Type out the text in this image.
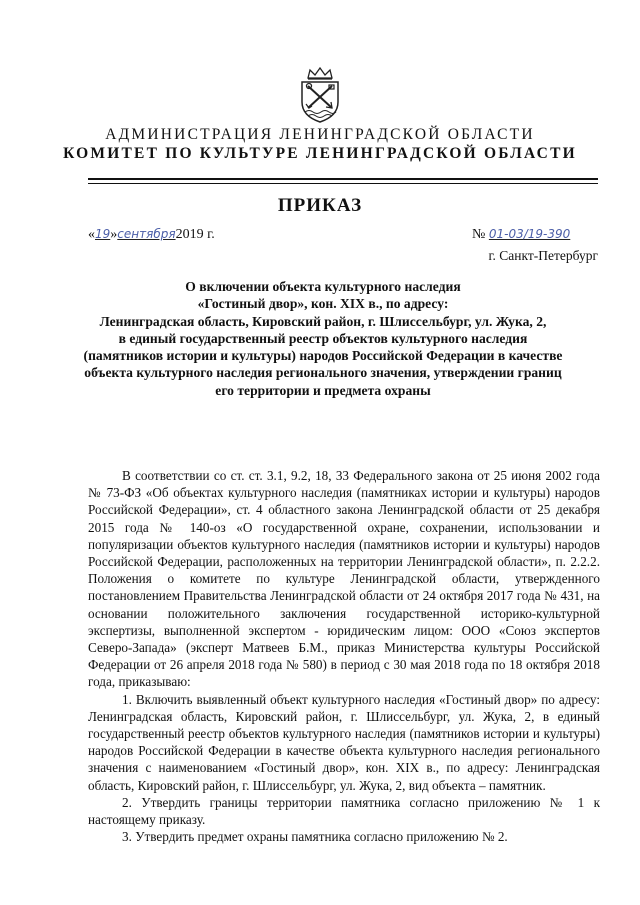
АДМИНИСТРАЦИЯ ЛЕНИНГРАДСКОЙ ОБЛАСТИ
КОМИТЕТ ПО КУЛЬТУРЕ ЛЕНИНГРАДСКОЙ ОБЛАСТИ
ПРИКАЗ
«19»сентября2019 г.	№ 01-03/19-390
г. Санкт-Петербург
О включении объекта культурного наследия
«Гостиный двор», кон. XIX в., по адресу:
Ленинградская область, Кировский район, г. Шлиссельбург, ул. Жука, 2,
в единый государственный реестр объектов культурного наследия
(памятников истории и культуры) народов Российской Федерации в качестве
объекта культурного наследия регионального значения, утверждении границ
его территории и предмета охраны

В соответствии со ст. ст. 3.1, 9.2, 18, 33 Федерального закона от 25 июня 2002 года № 73-ФЗ «Об объектах культурного наследия (памятниках истории и культуры) народов Российской Федерации», ст. 4 областного закона Ленинградской области от 25 декабря 2015 года № 140-оз «О государственной охране, сохранении, использовании и популяризации объектов культурного наследия (памятников истории и культуры) народов Российской Федерации, расположенных на территории Ленинградской области», п. 2.2.2. Положения о комитете по культуре Ленинградской области, утвержденного постановлением Правительства Ленинградской области от 24 октября 2017 года № 431, на основании положительного заключения государственной историко-культурной экспертизы, выполненной экспертом - юридическим лицом: ООО «Союз экспертов Северо-Запада» (эксперт Матвеев Б.М., приказ Министерства культуры Российской Федерации от 26 апреля 2018 года № 580) в период с 30 мая 2018 года по 18 октября 2018 года, приказываю:

1. Включить выявленный объект культурного наследия «Гостиный двор» по адресу: Ленинградская область, Кировский район, г. Шлиссельбург, ул. Жука, 2, в единый государственный реестр объектов культурного наследия (памятников истории и культуры) народов Российской Федерации в качестве объекта культурного наследия регионального значения с наименованием «Гостиный двор», кон. XIX в., по адресу: Ленинградская область, Кировский район, г. Шлиссельбург, ул. Жука, 2, вид объекта – памятник.

2. Утвердить границы территории памятника согласно приложению № 1 к настоящему приказу.

3. Утвердить предмет охраны памятника согласно приложению № 2.
